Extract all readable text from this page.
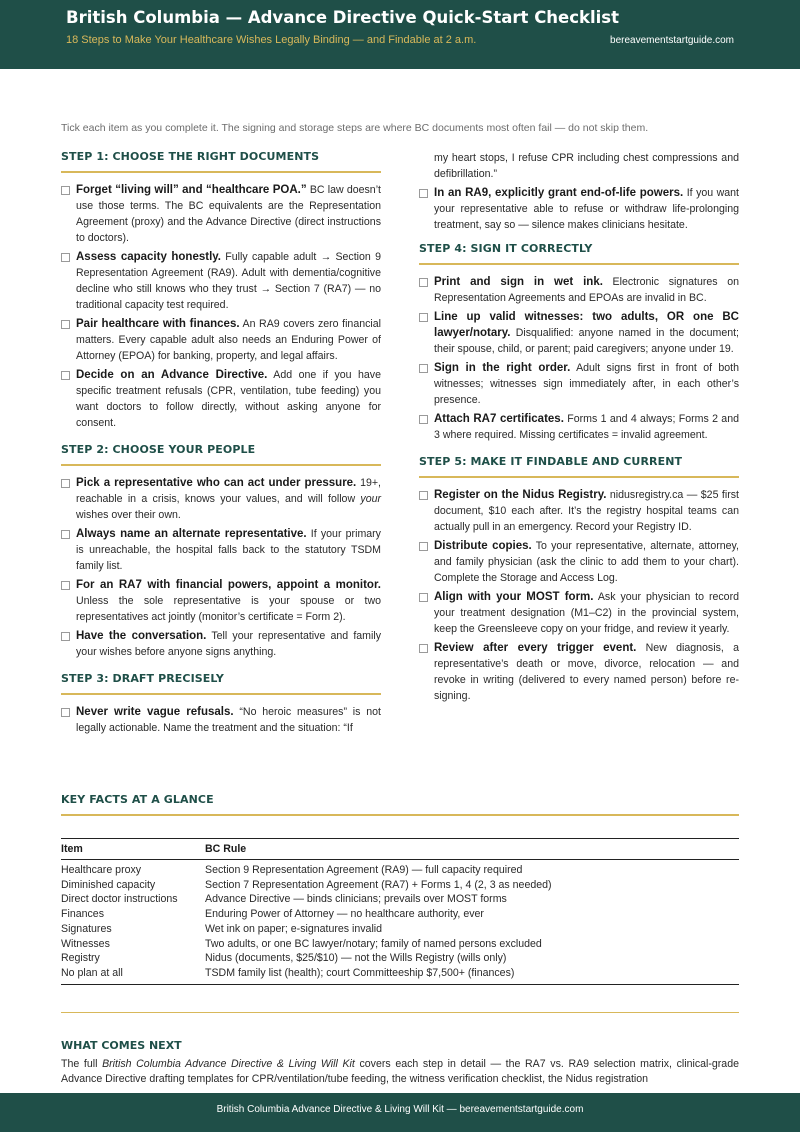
British Columbia — Advance Directive Quick-Start Checklist
18 Steps to Make Your Healthcare Wishes Legally Binding — and Findable at 2 a.m.	bereavementstartguide.com
Tick each item as you complete it. The signing and storage steps are where BC documents most often fail — do not skip them.
STEP 1: CHOOSE THE RIGHT DOCUMENTS
Forget “living will” and “healthcare POA.” BC law doesn’t use those terms. The BC equivalents are the Representation Agreement (proxy) and the Advance Directive (direct instructions to doctors).
Assess capacity honestly. Fully capable adult → Section 9 Representation Agreement (RA9). Adult with dementia/cognitive decline who still knows who they trust → Section 7 (RA7) — no traditional capacity test required.
Pair healthcare with finances. An RA9 covers zero financial matters. Every capable adult also needs an Enduring Power of Attorney (EPOA) for banking, property, and legal affairs.
Decide on an Advance Directive. Add one if you have specific treatment refusals (CPR, ventilation, tube feeding) you want doctors to follow directly, without asking anyone for consent.
STEP 2: CHOOSE YOUR PEOPLE
Pick a representative who can act under pressure. 19+, reachable in a crisis, knows your values, and will follow your wishes over their own.
Always name an alternate representative. If your primary is unreachable, the hospital falls back to the statutory TSDM family list.
For an RA7 with financial powers, appoint a monitor. Unless the sole representative is your spouse or two representatives act jointly (monitor’s certificate = Form 2).
Have the conversation. Tell your representative and family your wishes before anyone signs anything.
STEP 3: DRAFT PRECISELY
Never write vague refusals. “No heroic measures” is not legally actionable. Name the treatment and the situation: “If
my heart stops, I refuse CPR including chest compressions and defibrillation.”
In an RA9, explicitly grant end-of-life powers. If you want your representative able to refuse or withdraw life-prolonging treatment, say so — silence makes clinicians hesitate.
STEP 4: SIGN IT CORRECTLY
Print and sign in wet ink. Electronic signatures on Representation Agreements and EPOAs are invalid in BC.
Line up valid witnesses: two adults, OR one BC lawyer/notary. Disqualified: anyone named in the document; their spouse, child, or parent; paid caregivers; anyone under 19.
Sign in the right order. Adult signs first in front of both witnesses; witnesses sign immediately after, in each other’s presence.
Attach RA7 certificates. Forms 1 and 4 always; Forms 2 and 3 where required. Missing certificates = invalid agreement.
STEP 5: MAKE IT FINDABLE AND CURRENT
Register on the Nidus Registry. nidusregistry.ca — $25 first document, $10 each after. It’s the registry hospital teams can actually pull in an emergency. Record your Registry ID.
Distribute copies. To your representative, alternate, attorney, and family physician (ask the clinic to add them to your chart). Complete the Storage and Access Log.
Align with your MOST form. Ask your physician to record your treatment designation (M1–C2) in the provincial system, keep the Greensleeve copy on your fridge, and review it yearly.
Review after every trigger event. New diagnosis, a representative’s death or move, divorce, relocation — and revoke in writing (delivered to every named person) before re-signing.
KEY FACTS AT A GLANCE
Item	BC Rule
Healthcare proxy	Section 9 Representation Agreement (RA9) — full capacity required
Diminished capacity	Section 7 Representation Agreement (RA7) + Forms 1, 4 (2, 3 as needed)
Direct doctor instructions	Advance Directive — binds clinicians; prevails over MOST forms
Finances	Enduring Power of Attorney — no healthcare authority, ever
Signatures	Wet ink on paper; e-signatures invalid
Witnesses	Two adults, or one BC lawyer/notary; family of named persons excluded
Registry	Nidus (documents, $25/$10) — not the Wills Registry (wills only)
No plan at all	TSDM family list (health); court Committeeship $7,500+ (finances)
WHAT COMES NEXT
The full British Columbia Advance Directive & Living Will Kit covers each step in detail — the RA7 vs. RA9 selection matrix, clinical-grade Advance Directive drafting templates for CPR/ventilation/tube feeding, the witness verification checklist, the Nidus registration
British Columbia Advance Directive & Living Will Kit — bereavementstartguide.com
